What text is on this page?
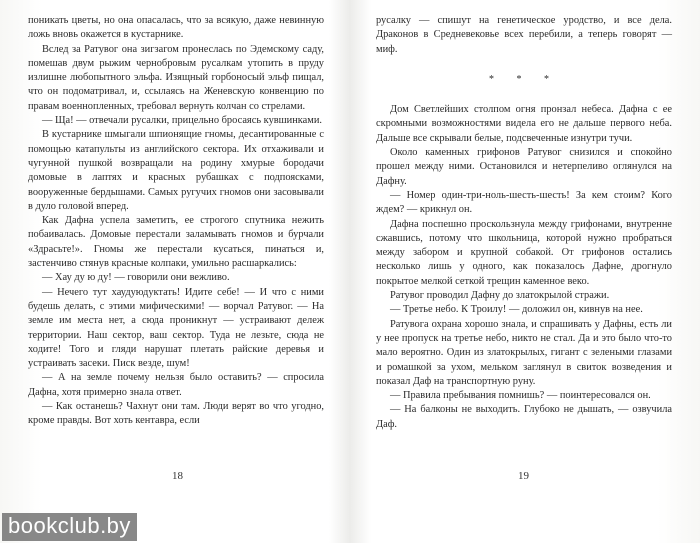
поникать цветы, но она опасалась, что за всякую, даже невинную ложь вновь окажется в кустарнике.

Вслед за Ратувог она зигзагом пронеслась по Эдемскому саду, помешав двум рыжим чернобровым русалкам утопить в пруду излишне любопытного эльфа. Изящный горбоносый эльф пищал, что он подоматривал, и, ссылаясь на Женевскую конвенцию по правам военнопленных, требовал вернуть колчан со стрелами.

— Ща! — отвечали русалки, прицельно бросаясь кувшинками.

В кустарнике шмыгали шпионящие гномы, десантированные с помощью катапульты из английского сектора. Их отхаживали и чугунной пушкой возвращали на родину хмурые бородачи домовые в лаптях и красных рубашках с подпоясками, вооруженные бердышами. Самых ругучих гномов они засовывали в дуло головой вперед.

Как Дафна успела заметить, ее строгого спутника нежить побаивалась. Домовые перестали заламывать гномов и бурчали «Здрасьте!». Гномы же перестали кусаться, пинаться и, застенчиво стянув красные колпаки, умильно расшаркались:

— Хау ду ю ду! — говорили они вежливо.

— Нечего тут хаудуюдуктать! Идите себе! — И что с ними будешь делать, с этими мифическими! — ворчал Ратувог. — На земле им места нет, а сюда проникнут — устраивают дележ территории. Наш сектор, ваш сектор. Туда не лезьте, сюда не ходите! Того и гляди нарушат плетать райские деревья и устраивать засеки. Писк везде, шум!

— А на земле почему нельзя было оставить? — спросила Дафна, хотя примерно знала ответ.

— Как останешь? Чахнут они там. Люди верят во что угодно, кроме правды. Вот хоть кентавра, если

русалку — спишут на генетическое уродство, и все дела. Драконов в Средневековье всех перебили, а теперь говорят — миф.

* * *

Дом Светлейших столпом огня пронзал небеса. Дафна с ее скромными возможностями видела его не дальше первого неба. Дальше все скрывали белые, подсвеченные изнутри тучи.

Около каменных грифонов Ратувог снизился и спокойно прошел между ними. Остановился и нетерпеливо оглянулся на Дафну.

— Номер один-три-ноль-шесть-шесть! За кем стоим? Кого ждем? — крикнул он.

Дафна поспешно проскользнула между грифонами, внутренне сжавшись, потому что школьница, которой нужно пробраться между забором и крупной собакой. От грифонов остались несколько лишь у одного, как показалось Дафне, дрогнуло покрытое мелкой сеткой трещин каменное веко.

Ратувог проводил Дафну до златокрылой стражи.

— Третье небо. К Троилу! — доложил он, кивнув на нее.

Ратувога охрана хорошо знала, и спрашивать у Дафны, есть ли у нее пропуск на третье небо, никто не стал. Да и это было что-то мало вероятно. Один из златокрылых, гигант с зелеными глазами и ромашкой за ухом, мельком заглянул в свиток возведения и показал Даф на транспортную руну.

— Правила пребывания помнишь? — поинтересовался он.

— На балконы не выходить. Глубоко не дышать, — озвучила Даф.

18	19
bookclub.by
